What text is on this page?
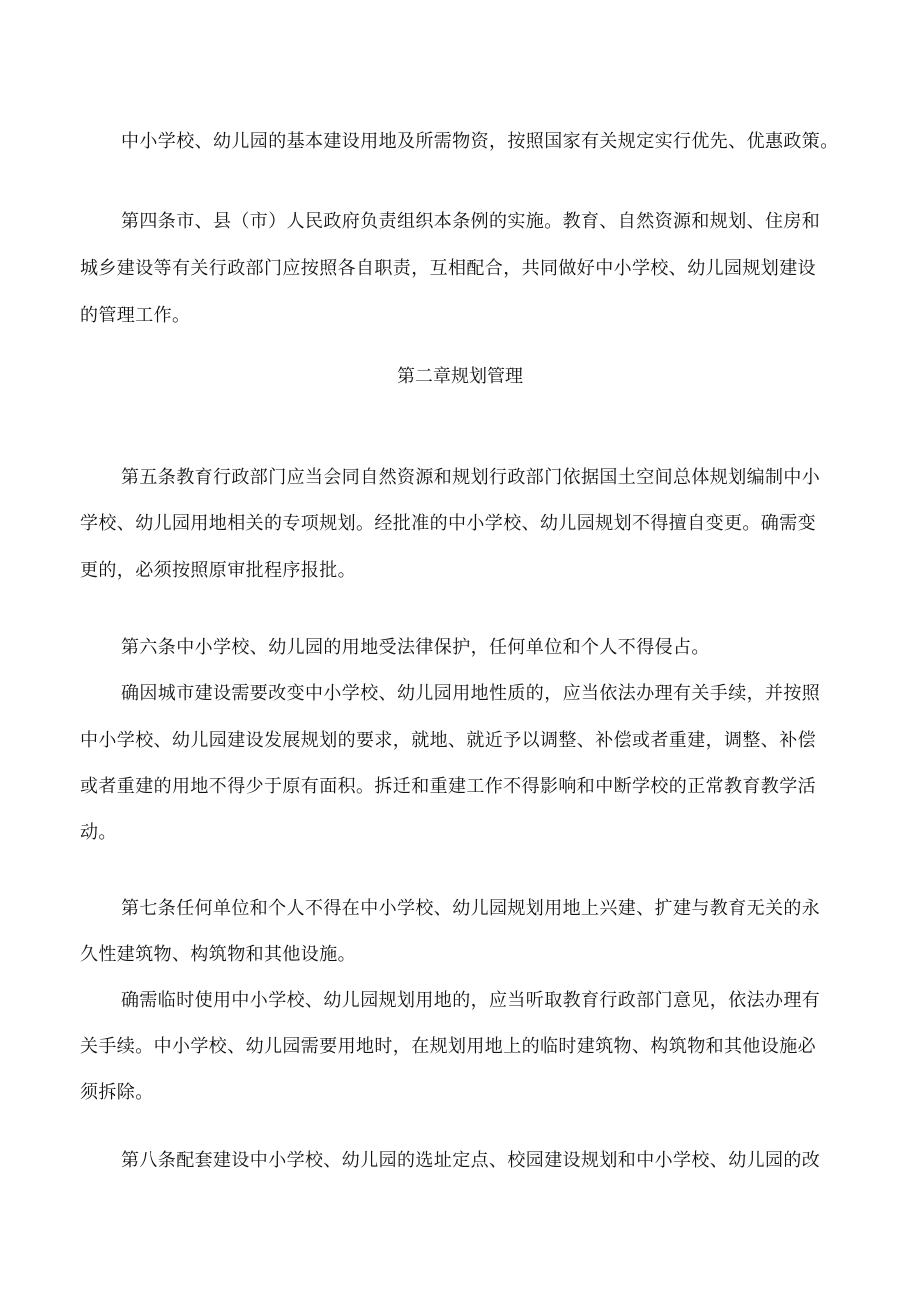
中小学校、幼儿园的基本建设用地及所需物资，按照国家有关规定实行优先、优惠政策。
第四条市、县（市）人民政府负责组织本条例的实施。教育、自然资源和规划、住房和
城乡建设等有关行政部门应按照各自职责，互相配合，共同做好中小学校、幼儿园规划建设
的管理工作。
第二章规划管理
第五条教育行政部门应当会同自然资源和规划行政部门依据国土空间总体规划编制中小
学校、幼儿园用地相关的专项规划。经批准的中小学校、幼儿园规划不得擅自变更。确需变
更的，必须按照原审批程序报批。
第六条中小学校、幼儿园的用地受法律保护，任何单位和个人不得侵占。
确因城市建设需要改变中小学校、幼儿园用地性质的，应当依法办理有关手续，并按照
中小学校、幼儿园建设发展规划的要求，就地、就近予以调整、补偿或者重建，调整、补偿
或者重建的用地不得少于原有面积。拆迁和重建工作不得影响和中断学校的正常教育教学活
动。
第七条任何单位和个人不得在中小学校、幼儿园规划用地上兴建、扩建与教育无关的永
久性建筑物、构筑物和其他设施。
确需临时使用中小学校、幼儿园规划用地的，应当听取教育行政部门意见，依法办理有
关手续。中小学校、幼儿园需要用地时，在规划用地上的临时建筑物、构筑物和其他设施必
须拆除。
第八条配套建设中小学校、幼儿园的选址定点、校园建设规划和中小学校、幼儿园的改
